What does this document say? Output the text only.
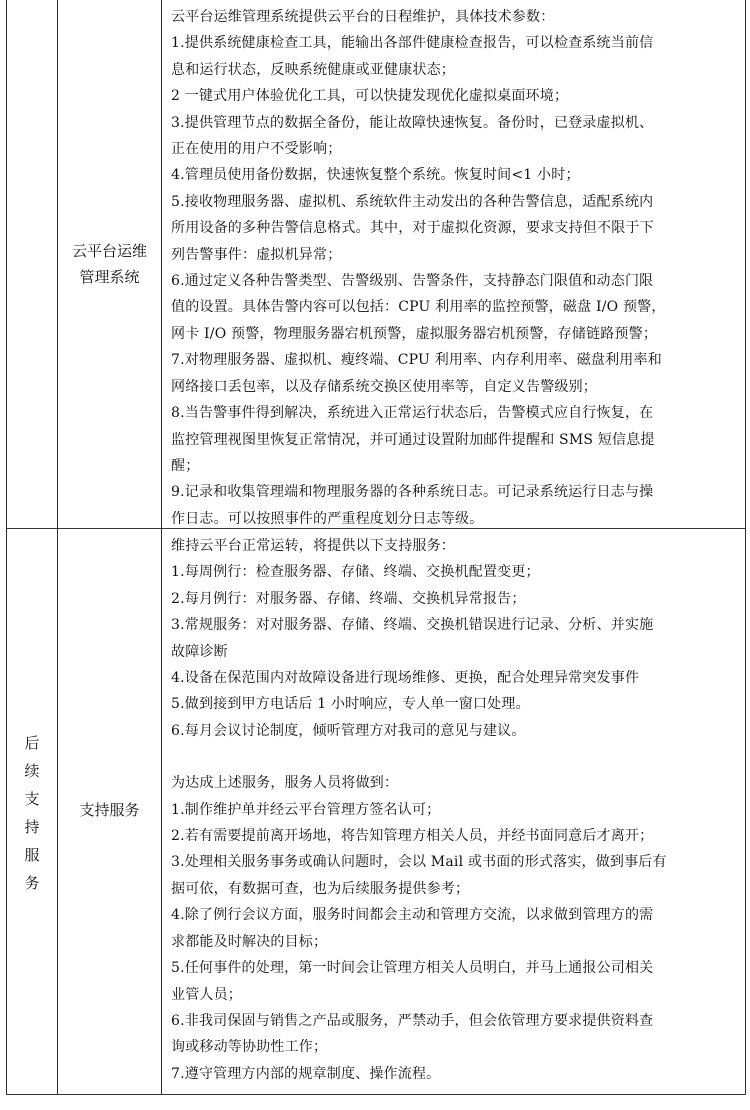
云平台运维
管理系统
云平台运维管理系统提供云平台的日程维护，具体技术参数：
1.提供系统健康检查工具，能输出各部件健康检查报告，可以检查系统当前信
息和运行状态，反映系统健康或亚健康状态；
2 一键式用户体验优化工具，可以快捷发现优化虚拟桌面环境；
3.提供管理节点的数据全备份，能让故障快速恢复。备份时，已登录虚拟机、
正在使用的用户不受影响；
4.管理员使用备份数据，快速恢复整个系统。恢复时间<1 小时；
5.接收物理服务器、虚拟机、系统软件主动发出的各种告警信息，适配系统内
所用设备的多种告警信息格式。其中，对于虚拟化资源，要求支持但不限于下
列告警事件：虚拟机异常；
6.通过定义各种告警类型、告警级别、告警条件，支持静态门限值和动态门限
值的设置。具体告警内容可以包括：CPU 利用率的监控预警，磁盘 I/O 预警，
网卡 I/O 预警，物理服务器宕机预警，虚拟服务器宕机预警，存储链路预警；
7.对物理服务器、虚拟机、瘦终端、CPU 利用率、内存利用率、磁盘利用率和
网络接口丢包率，以及存储系统交换区使用率等，自定义告警级别；
8.当告警事件得到解决，系统进入正常运行状态后，告警模式应自行恢复，在
监控管理视图里恢复正常情况，并可通过设置附加邮件提醒和 SMS 短信息提
醒；
9.记录和收集管理端和物理服务器的各种系统日志。可记录系统运行日志与操
作日志。可以按照事件的严重程度划分日志等级。
后
续
支
持
服
务
支持服务
维持云平台正常运转，将提供以下支持服务：
1.每周例行：检查服务器、存储、终端、交换机配置变更；
2.每月例行：对服务器、存储、终端、交换机异常报告；
3.常规服务：对对服务器、存储、终端、交换机错误进行记录、分析、并实施
故障诊断
4.设备在保范围内对故障设备进行现场维修、更换，配合处理异常突发事件
5.做到接到甲方电话后 1 小时响应，专人单一窗口处理。
6.每月会议讨论制度，倾听管理方对我司的意见与建议。
为达成上述服务，服务人员将做到：
1.制作维护单并经云平台管理方签名认可；
2.若有需要提前离开场地，将告知管理方相关人员，并经书面同意后才离开；
3.处理相关服务事务或确认问题时，会以 Mail 或书面的形式落实，做到事后有
据可依，有数据可查，也为后续服务提供参考；
4.除了例行会议方面，服务时间都会主动和管理方交流，以求做到管理方的需
求都能及时解决的目标；
5.任何事件的处理，第一时间会让管理方相关人员明白，并马上通报公司相关
业管人员；
6.非我司保固与销售之产品或服务，严禁动手，但会依管理方要求提供资料查
询或移动等协助性工作；
7.遵守管理方内部的规章制度、操作流程。
